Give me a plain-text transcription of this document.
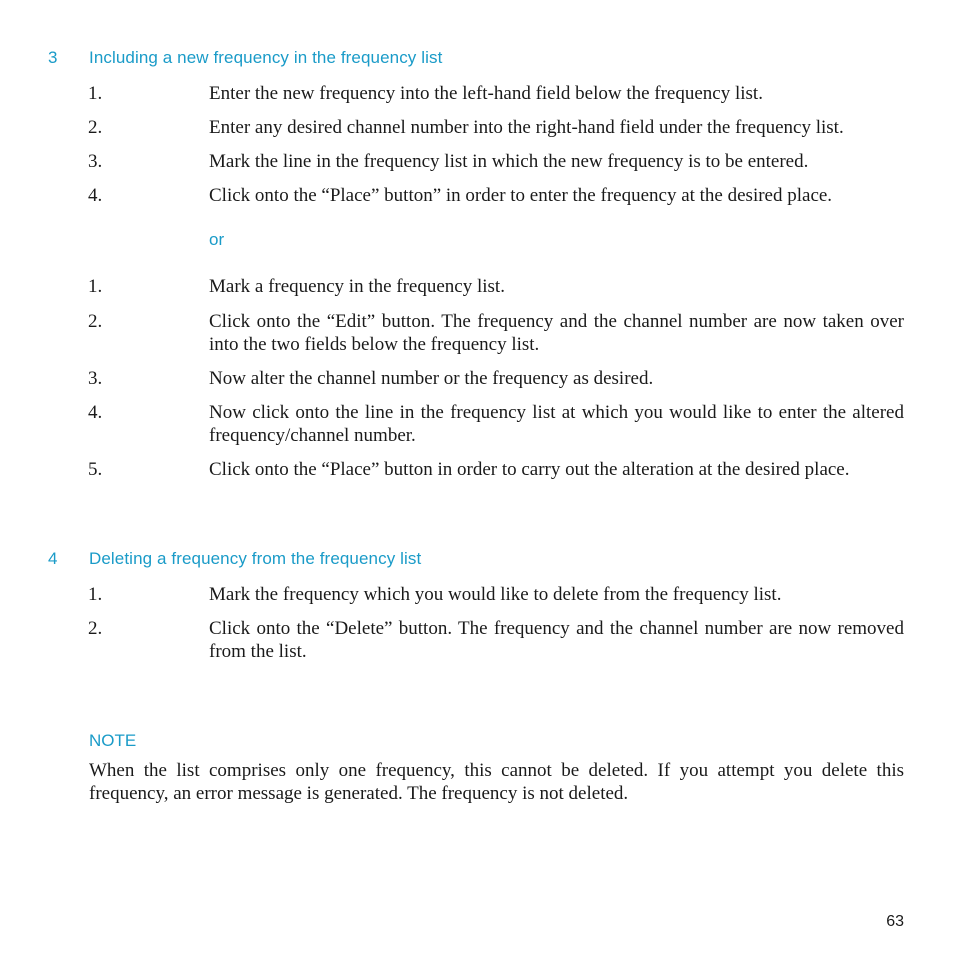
3 Including a new frequency in the frequency list
1.	Enter the new frequency into the left-hand field below the frequency list.
2.	Enter any desired channel number into the right-hand field under the frequency list.
3.	Mark the line in the frequency list in which the new frequency is to be entered.
4.	Click onto the “Place” button” in order to enter the frequency at the desired place.
or
1.	Mark a frequency in the frequency list.
2.	Click onto the “Edit” button. The frequency and the channel number are now taken over into the two fields below the frequency list.
3.	Now alter the channel number or the frequency as desired.
4.	Now click onto the line in the frequency list at which you would like to enter the altered frequency/channel number.
5.	Click onto the “Place” button in order to carry out the alteration at the desired place.
4 Deleting a frequency from the frequency list
1.	Mark the frequency which you would like to delete from the frequency list.
2.	Click onto the “Delete” button. The frequency and the channel number are now removed from the list.
NOTE
When the list comprises only one frequency, this cannot be deleted. If you attempt you delete this frequency, an error message is generated. The frequency is not deleted.
63
